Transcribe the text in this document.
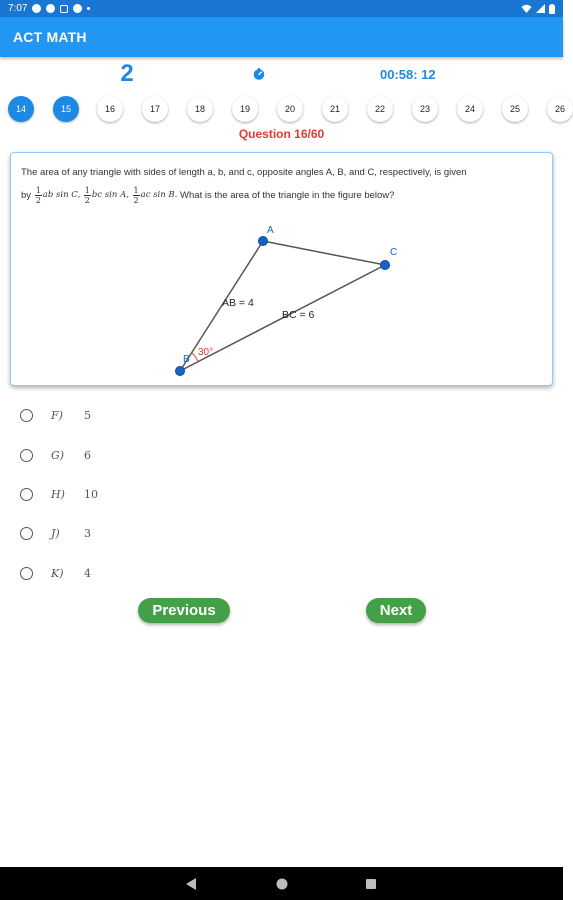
7:07
ACT MATH
2	00:58: 12
14	15	16	17	18	19	20	21	22	23	24	25	26
Question 16/60
The area of any triangle with sides of length a, b, and c, opposite angles A, B, and C, respectively, is given
by
$\frac{1}{2}$ ab sin C,
$\frac{1}{2}$ bc sin A,
$\frac{1}{2}$ ac sin B.
What is the area of the triangle in the figure below?
A
B
C
AB = 4
BC = 6
30°
F) 5
G) 6
H) 10
J) 3
K) 4
Previous	Next
